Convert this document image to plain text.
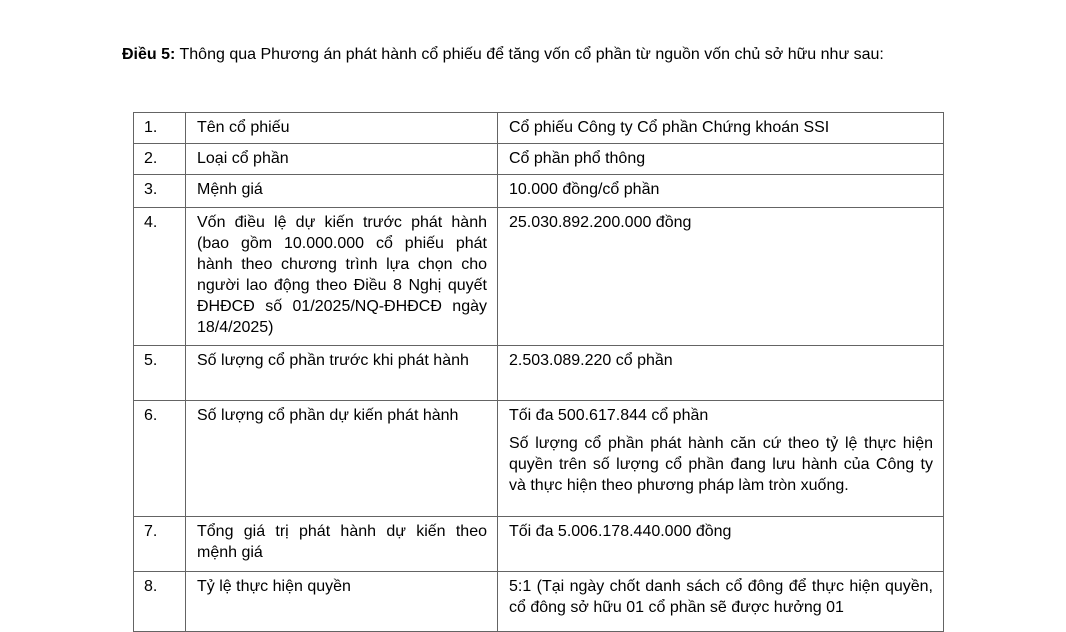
Điều 5: Thông qua Phương án phát hành cổ phiếu để tăng vốn cổ phần từ nguồn vốn chủ sở hữu như sau:
1.	Tên cổ phiếu	Cổ phiếu Công ty Cổ phần Chứng khoán SSI

2.	Loại cổ phần	Cổ phần phổ thông

3.	Mệnh giá	10.000 đồng/cổ phần

4.	Vốn điều lệ dự kiến trước phát hành (bao gồm 10.000.000 cổ phiếu phát hành theo chương trình lựa chọn cho người lao động theo Điều 8 Nghị quyết ĐHĐCĐ số 01/2025/NQ-ĐHĐCĐ ngày 18/4/2025)	25.030.892.200.000 đồng

5.	Số lượng cổ phần trước khi phát hành	2.503.089.220 cổ phần

6.	Số lượng cổ phần dự kiến phát hành	Tối đa 500.617.844 cổ phần

Số lượng cổ phần phát hành căn cứ theo tỷ lệ thực hiện quyền trên số lượng cổ phần đang lưu hành của Công ty và thực hiện theo phương pháp làm tròn xuống.

7.	Tổng giá trị phát hành dự kiến theo mệnh giá	Tối đa 5.006.178.440.000 đồng

8.	Tỷ lệ thực hiện quyền	5:1 (Tại ngày chốt danh sách cổ đông để thực hiện quyền, cổ đông sở hữu 01 cổ phần sẽ được hưởng 01
